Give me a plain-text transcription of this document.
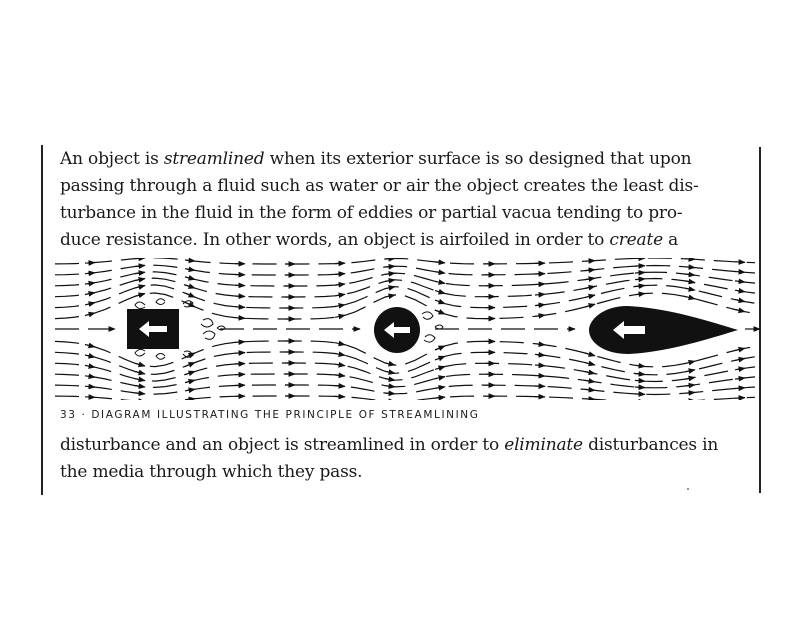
An object is streamlined when its exterior surface is so designed that upon
passing through a fluid such as water or air the object creates the least dis-
turbance in the fluid in the form of eddies or partial vacua tending to pro-
duce resistance. In other words, an object is airfoiled in order to create a

33 · DIAGRAM ILLUSTRATING THE PRINCIPLE OF STREAMLINING

disturbance and an object is streamlined in order to eliminate disturbances in
the media through which they pass.
